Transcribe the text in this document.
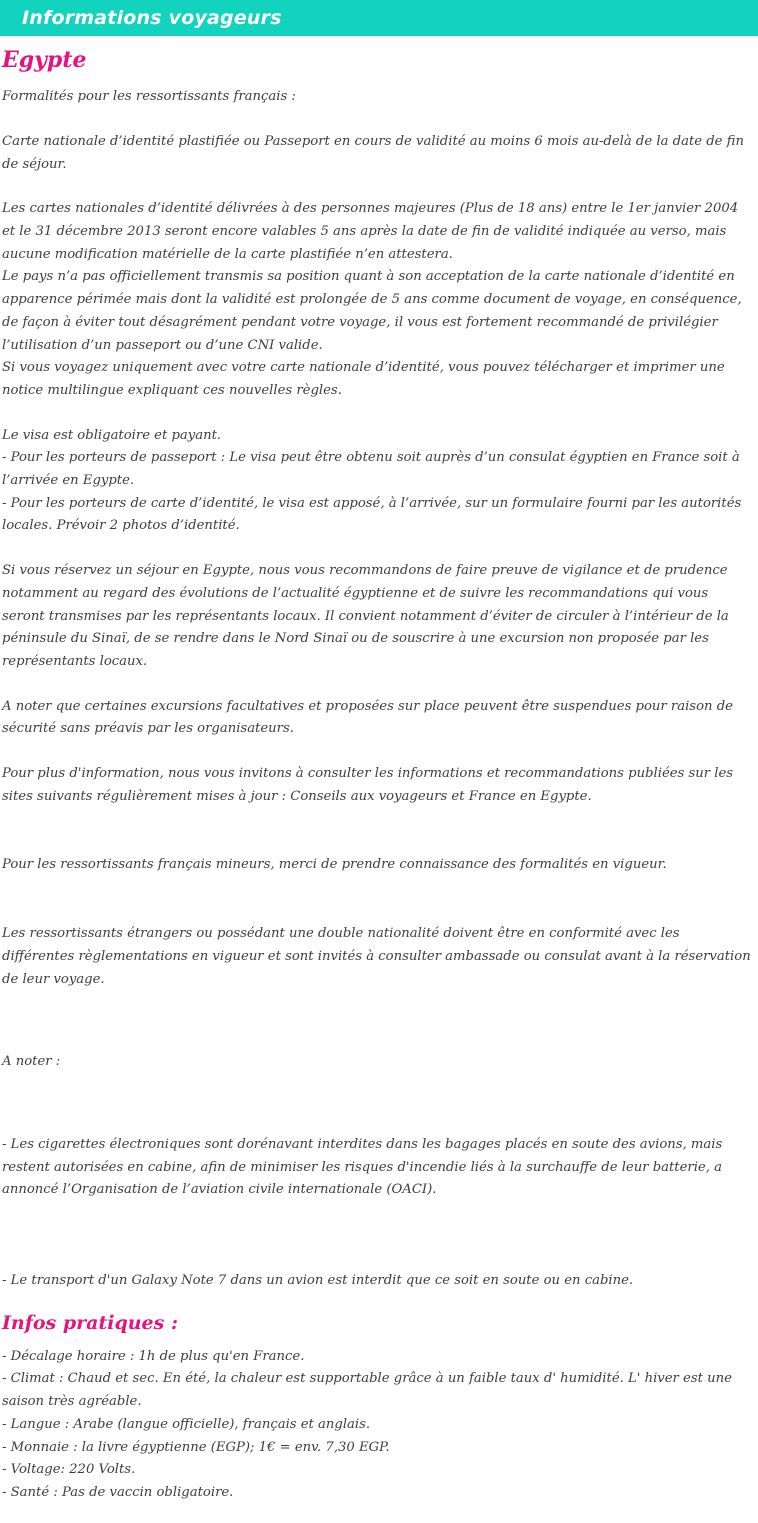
Informations voyageurs
Egypte

Formalités pour les ressortissants français :

Carte nationale d’identité plastifiée ou Passeport en cours de validité au moins 6 mois au-delà de la date de fin de séjour.

Les cartes nationales d’identité délivrées à des personnes majeures (Plus de 18 ans) entre le 1er janvier 2004 et le 31 décembre 2013 seront encore valables 5 ans après la date de fin de validité indiquée au verso, mais aucune modification matérielle de la carte plastifiée n’en attestera.

Le pays n’a pas officiellement transmis sa position quant à son acceptation de la carte nationale d’identité en apparence périmée mais dont la validité est prolongée de 5 ans comme document de voyage, en conséquence, de façon à éviter tout désagrément pendant votre voyage, il vous est fortement recommandé de privilégier l’utilisation d’un passeport ou d’une CNI valide.

Si vous voyagez uniquement avec votre carte nationale d’identité, vous pouvez télécharger et imprimer une notice multilingue expliquant ces nouvelles règles.

Le visa est obligatoire et payant.

- Pour les porteurs de passeport : Le visa peut être obtenu soit auprès d’un consulat égyptien en France soit à l’arrivée en Egypte.

- Pour les porteurs de carte d’identité, le visa est apposé, à l’arrivée, sur un formulaire fourni par les autorités locales. Prévoir 2 photos d’identité.

Si vous réservez un séjour en Egypte, nous vous recommandons de faire preuve de vigilance et de prudence notamment au regard des évolutions de l’actualité égyptienne et de suivre les recommandations qui vous seront transmises par les représentants locaux. Il convient notamment d’éviter de circuler à l’intérieur de la péninsule du Sinaï, de se rendre dans le Nord Sinaï ou de souscrire à une excursion non proposée par les représentants locaux.

A noter que certaines excursions facultatives et proposées sur place peuvent être suspendues pour raison de sécurité sans préavis par les organisateurs.

Pour plus d'information, nous vous invitons à consulter les informations et recommandations publiées sur les sites suivants régulièrement mises à jour : Conseils aux voyageurs et France en Egypte.

Pour les ressortissants français mineurs, merci de prendre connaissance des formalités en vigueur.

Les ressortissants étrangers ou possédant une double nationalité doivent être en conformité avec les différentes règlementations en vigueur et sont invités à consulter ambassade ou consulat avant à la réservation de leur voyage.

A noter :

- Les cigarettes électroniques sont dorénavant interdites dans les bagages placés en soute des avions, mais restent autorisées en cabine, afin de minimiser les risques d'incendie liés à la surchauffe de leur batterie, a annoncé l’Organisation de l’aviation civile internationale (OACI).

- Le transport d'un Galaxy Note 7 dans un avion est interdit que ce soit en soute ou en cabine.

Infos pratiques :

- Décalage horaire : 1h de plus qu'en France.

- Climat : Chaud et sec. En été, la chaleur est supportable grâce à un faible taux d' humidité. L' hiver est une saison très agréable.

- Langue : Arabe (langue officielle), français et anglais.

- Monnaie : la livre égyptienne (EGP); 1€ = env. 7,30 EGP.

- Voltage: 220 Volts.

- Santé : Pas de vaccin obligatoire.
